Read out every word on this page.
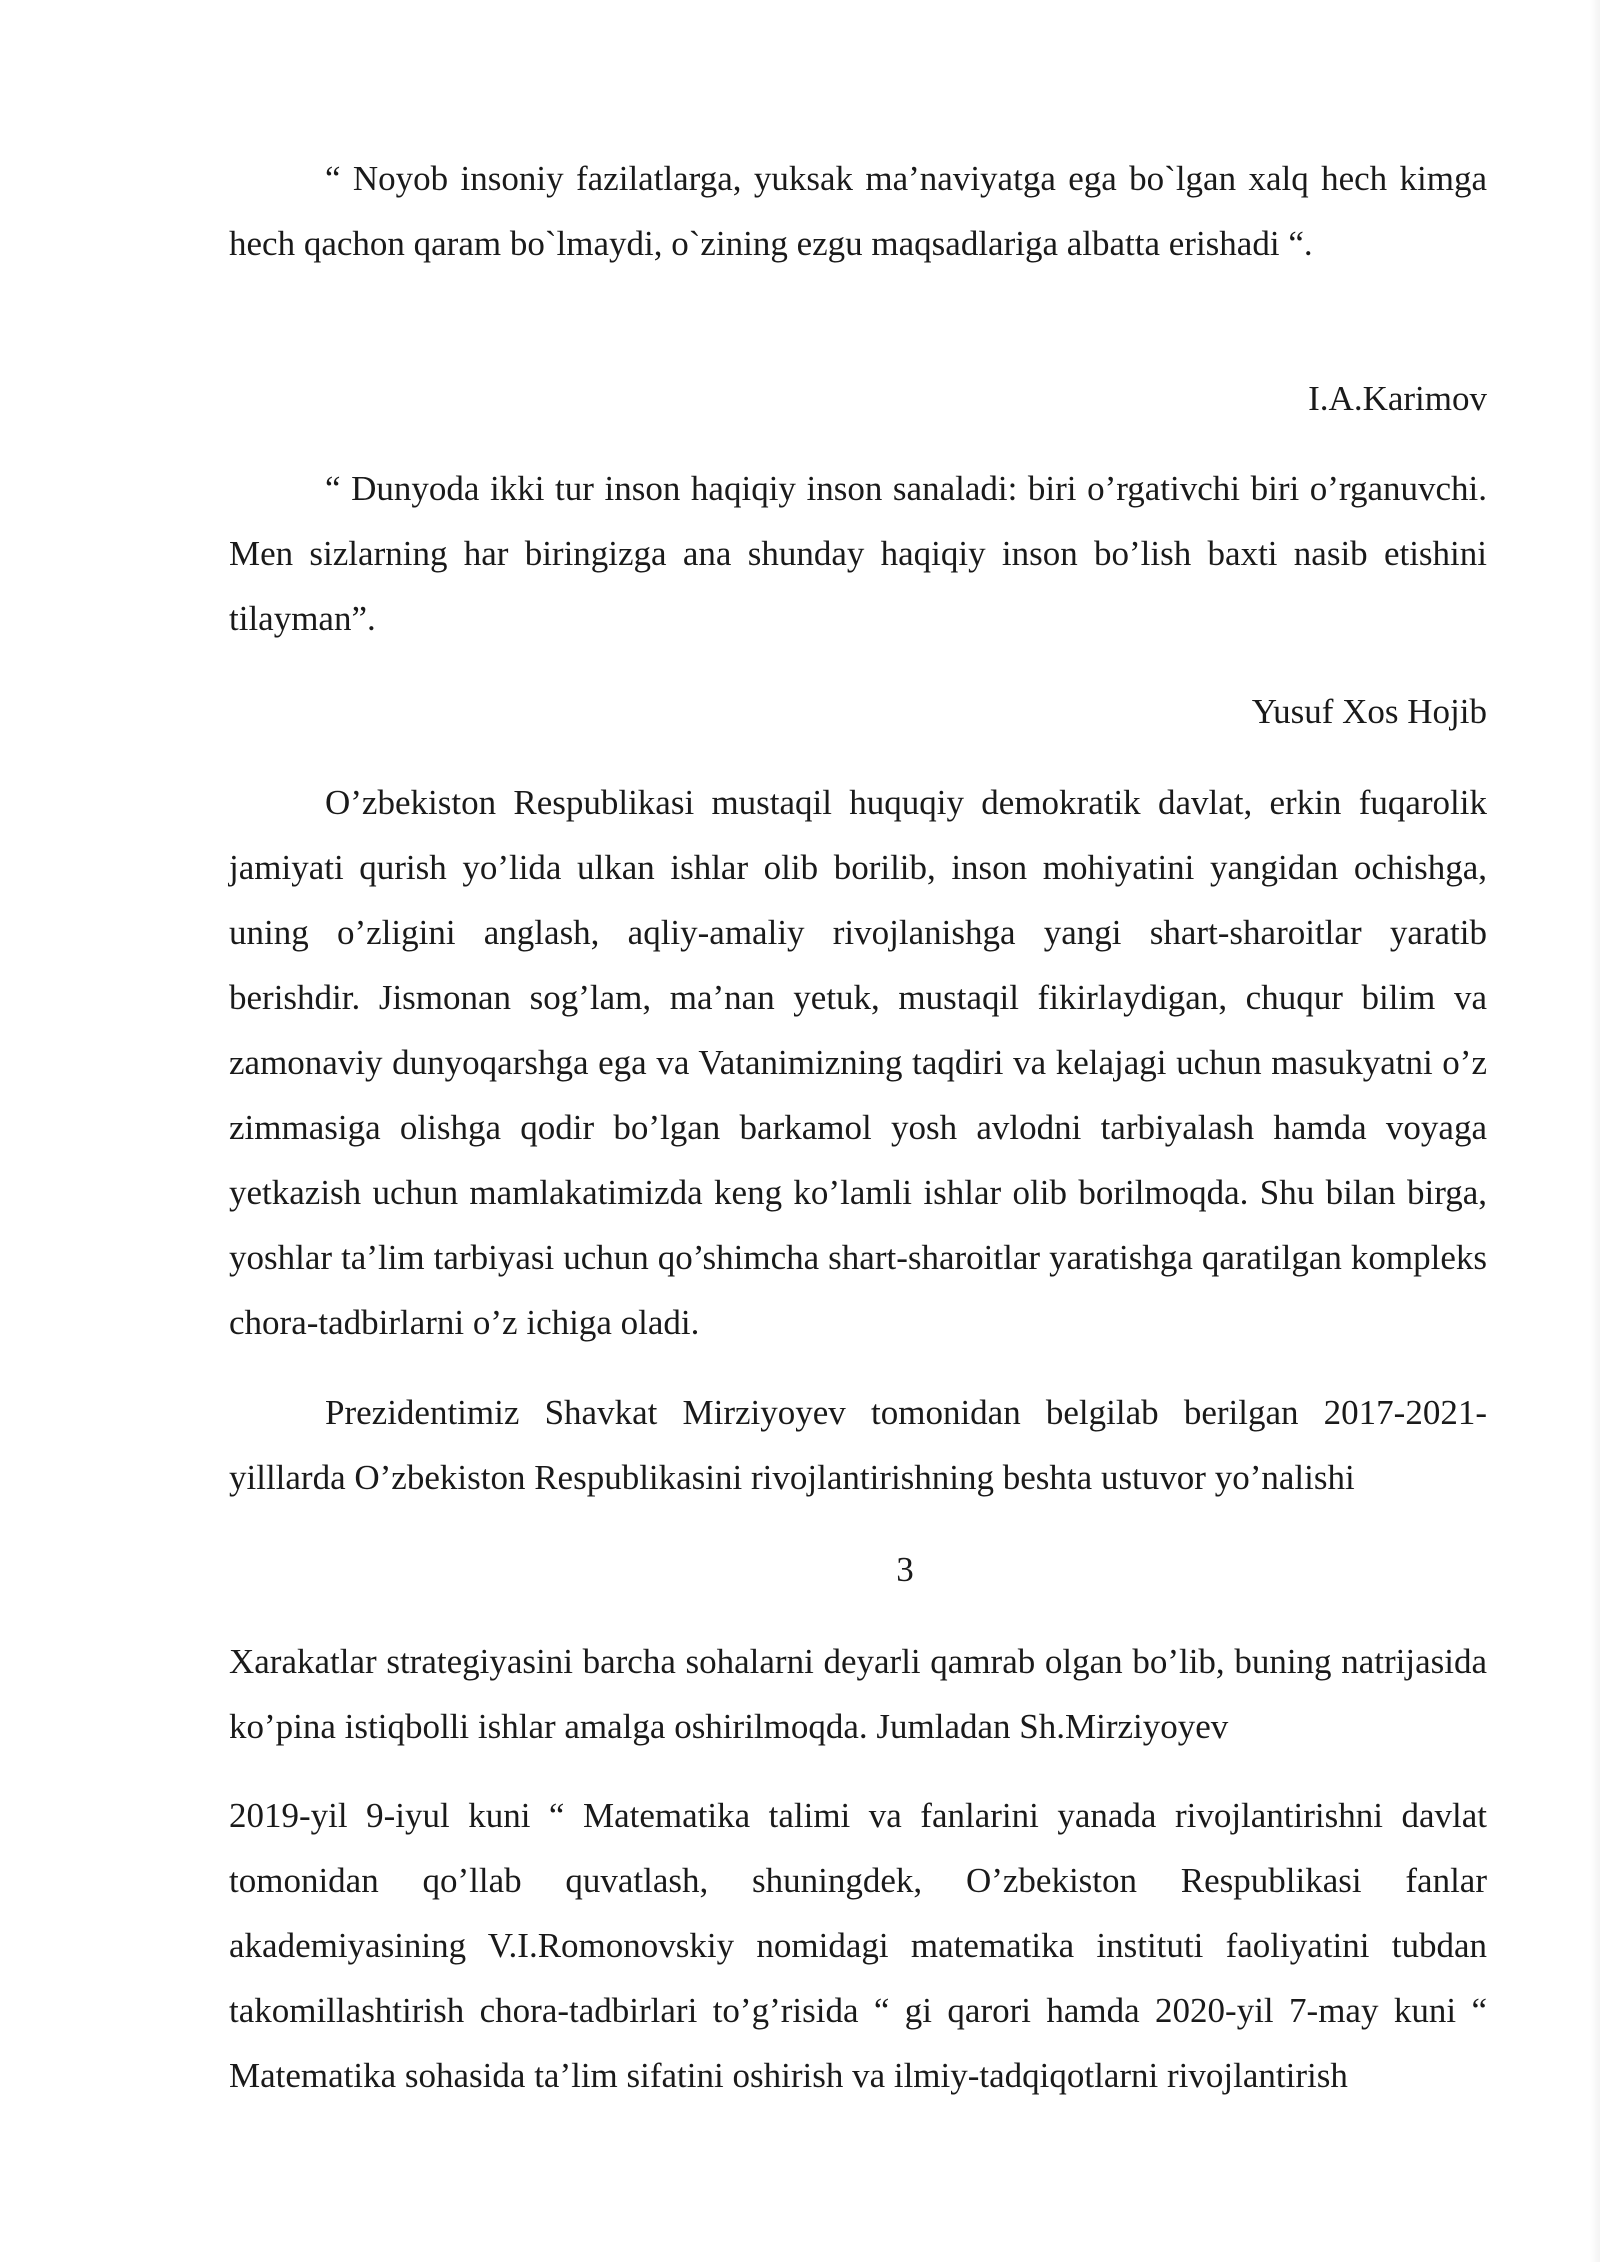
“ Noyob insoniy fazilatlarga, yuksak ma’naviyatga ega bo`lgan xalq hech kimga hech qachon qaram bo`lmaydi, o`zining ezgu maqsadlariga albatta erishadi “.

I.A.Karimov

“ Dunyoda ikki tur inson haqiqiy inson sanaladi: biri o’rgativchi biri o’rganuvchi. Men sizlarning har biringizga ana shunday haqiqiy inson bo’lish baxti nasib etishini tilayman”.

Yusuf Xos Hojib

O’zbekiston Respublikasi mustaqil huquqiy demokratik davlat, erkin fuqarolik jamiyati qurish yo’lida ulkan ishlar olib borilib, inson mohiyatini yangidan ochishga, uning o’zligini anglash, aqliy-amaliy rivojlanishga yangi shart-sharoitlar yaratib berishdir. Jismonan sog’lam, ma’nan yetuk, mustaqil fikirlaydigan, chuqur bilim va zamonaviy dunyoqarshga ega va Vatanimizning taqdiri va kelajagi uchun masukyatni o’z zimmasiga olishga qodir bo’lgan barkamol yosh avlodni tarbiyalash hamda voyaga yetkazish uchun mamlakatimizda keng ko’lamli ishlar olib borilmoqda. Shu bilan birga, yoshlar ta’lim tarbiyasi uchun qo’shimcha shart-sharoitlar yaratishga qaratilgan kompleks chora-tadbirlarni o’z ichiga oladi.

Prezidentimiz Shavkat Mirziyoyev tomonidan belgilab berilgan 2017-2021-yilllarda O’zbekiston Respublikasini rivojlantirishning beshta ustuvor yo’nalishi

3

Xarakatlar strategiyasini barcha sohalarni deyarli qamrab olgan bo’lib, buning natrijasida ko’pina istiqbolli ishlar amalga oshirilmoqda. Jumladan Sh.Mirziyoyev

2019-yil 9-iyul kuni “ Matematika talimi va fanlarini yanada rivojlantirishni davlat tomonidan qo’llab quvatlash, shuningdek, O’zbekiston Respublikasi fanlar akademiyasining V.I.Romonovskiy nomidagi matematika instituti faoliyatini tubdan takomillashtirish chora-tadbirlari to’g’risida “ gi qarori hamda 2020-yil 7-may kuni “ Matematika sohasida ta’lim sifatini oshirish va ilmiy-tadqiqotlarni rivojlantirish
